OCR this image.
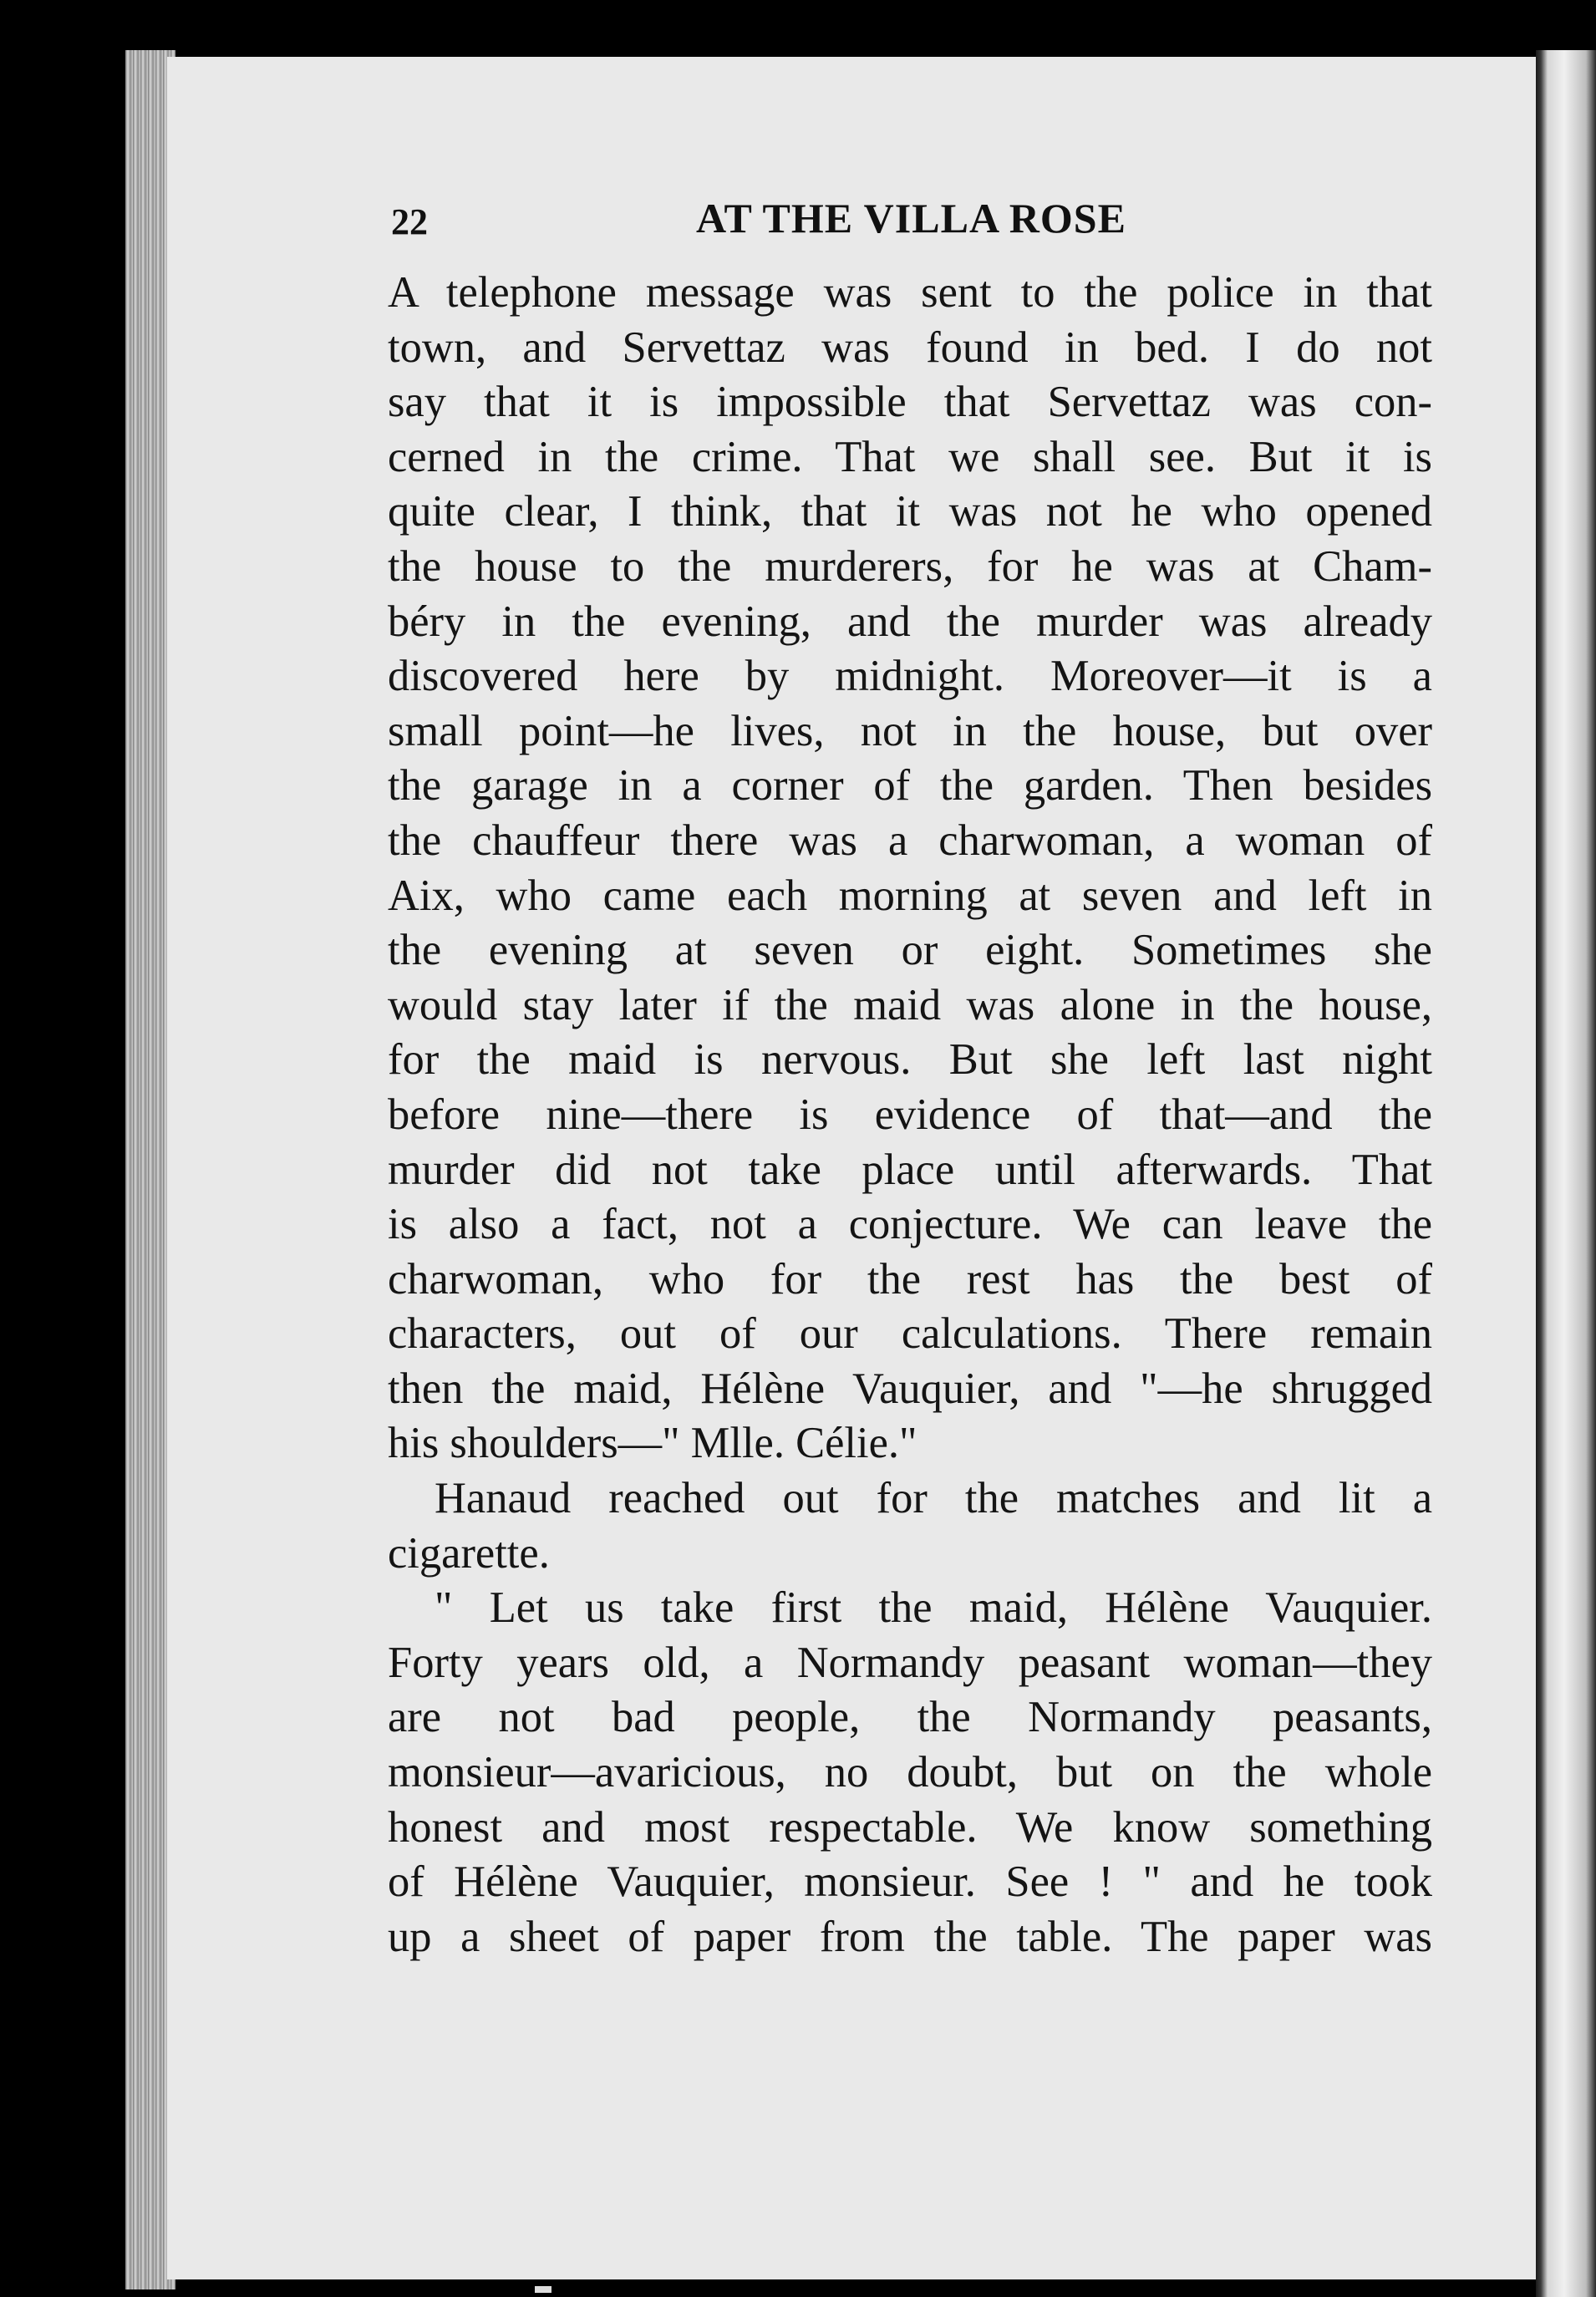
22	AT THE VILLA ROSE
A telephone message was sent to the police in that
town, and Servettaz was found in bed. I do not
say that it is impossible that Servettaz was con-
cerned in the crime. That we shall see. But it is
quite clear, I think, that it was not he who opened
the house to the murderers, for he was at Cham-
béry in the evening, and the murder was already
discovered here by midnight. Moreover—it is a
small point—he lives, not in the house, but over
the garage in a corner of the garden. Then besides
the chauffeur there was a charwoman, a woman of
Aix, who came each morning at seven and left in
the evening at seven or eight. Sometimes she
would stay later if the maid was alone in the house,
for the maid is nervous. But she left last night
before nine—there is evidence of that—and the
murder did not take place until afterwards. That
is also a fact, not a conjecture. We can leave the
charwoman, who for the rest has the best of
characters, out of our calculations. There remain
then the maid, Hélène Vauquier, and "—he shrugged
his shoulders—" Mlle. Célie."
Hanaud reached out for the matches and lit a
cigarette.
" Let us take first the maid, Hélène Vauquier.
Forty years old, a Normandy peasant woman—they
are not bad people, the Normandy peasants,
monsieur—avaricious, no doubt, but on the whole
honest and most respectable. We know something
of Hélène Vauquier, monsieur. See ! " and he took
up a sheet of paper from the table. The paper was
